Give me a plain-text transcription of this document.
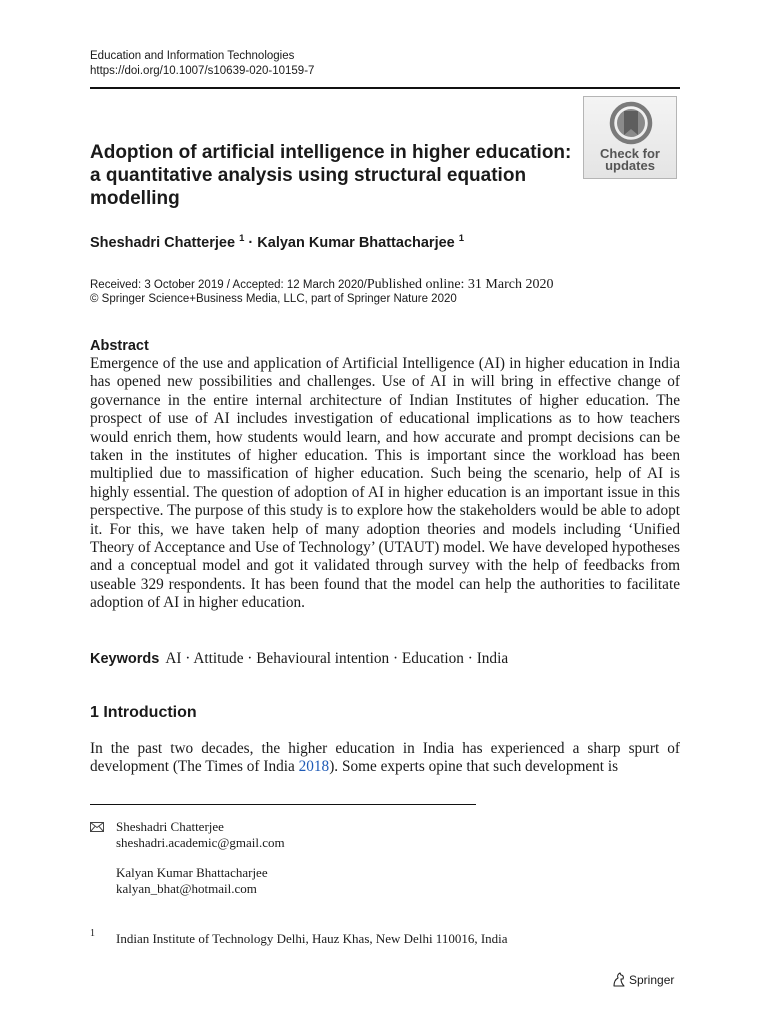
Education and Information Technologies
https://doi.org/10.1007/s10639-020-10159-7
Check for
updates
Adoption of artificial intelligence in higher education: a quantitative analysis using structural equation modelling
Sheshadri Chatterjee $^1$ · Kalyan Kumar Bhattacharjee $^1$
Received: 3 October 2019 / Accepted: 12 March 2020/Published online: 31 March 2020
© Springer Science+Business Media, LLC, part of Springer Nature 2020
Abstract
Emergence of the use and application of Artificial Intelligence (AI) in higher education in India has opened new possibilities and challenges. Use of AI in will bring in effective change of governance in the entire internal architecture of Indian Institutes of higher education. The prospect of use of AI includes investigation of educational implications as to how teachers would enrich them, how students would learn, and how accurate and prompt decisions can be taken in the institutes of higher education. This is important since the workload has been multiplied due to massification of higher education. Such being the scenario, help of AI is highly essential. The question of adoption of AI in higher education is an important issue in this perspective. The purpose of this study is to explore how the stakeholders would be able to adopt it. For this, we have taken help of many adoption theories and models including ‘Unified Theory of Acceptance and Use of Technology’ (UTAUT) model. We have developed hypotheses and a conceptual model and got it validated through survey with the help of feedbacks from useable 329 respondents. It has been found that the model can help the authorities to facilitate adoption of AI in higher education.
Keywords AI · Attitude · Behavioural intention · Education · India
1 Introduction
In the past two decades, the higher education in India has experienced a sharp spurt of development (The Times of India 2018). Some experts opine that such development is
Sheshadri Chatterjee
sheshadri.academic@gmail.com
Kalyan Kumar Bhattacharjee
kalyan_bhat@hotmail.com
1 Indian Institute of Technology Delhi, Hauz Khas, New Delhi 110016, India
Springer
